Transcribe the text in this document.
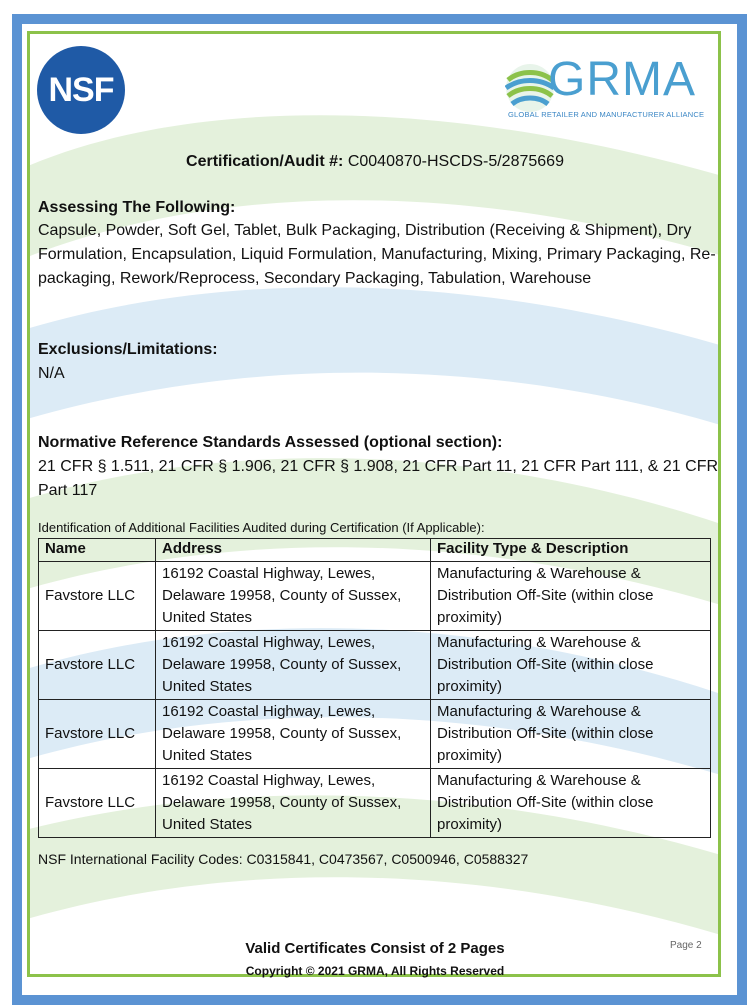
NSF	GRMA
GLOBAL RETAILER AND MANUFACTURER ALLIANCE
Certification/Audit #: C0040870-HSCDS-5/2875669
Assessing The Following:
Capsule, Powder, Soft Gel, Tablet, Bulk Packaging, Distribution (Receiving & Shipment), Dry Formulation, Encapsulation, Liquid Formulation, Manufacturing, Mixing, Primary Packaging, Re-packaging, Rework/Reprocess, Secondary Packaging, Tabulation, Warehouse
Exclusions/Limitations:
N/A
Normative Reference Standards Assessed (optional section):
21 CFR § 1.511, 21 CFR § 1.906, 21 CFR § 1.908, 21 CFR Part 11, 21 CFR Part 111, & 21 CFR Part 117
Identification of Additional Facilities Audited during Certification (If Applicable):
Name	Address	Facility Type & Description
Favstore LLC	16192 Coastal Highway, Lewes, Delaware 19958, County of Sussex, United States	Manufacturing & Warehouse & Distribution Off-Site (within close proximity)
Favstore LLC	16192 Coastal Highway, Lewes, Delaware 19958, County of Sussex, United States	Manufacturing & Warehouse & Distribution Off-Site (within close proximity)
Favstore LLC	16192 Coastal Highway, Lewes, Delaware 19958, County of Sussex, United States	Manufacturing & Warehouse & Distribution Off-Site (within close proximity)
Favstore LLC	16192 Coastal Highway, Lewes, Delaware 19958, County of Sussex, United States	Manufacturing & Warehouse & Distribution Off-Site (within close proximity)
NSF International Facility Codes: C0315841, C0473567, C0500946, C0588327
Valid Certificates Consist of 2 Pages
Copyright © 2021 GRMA, All Rights Reserved
Page 2
